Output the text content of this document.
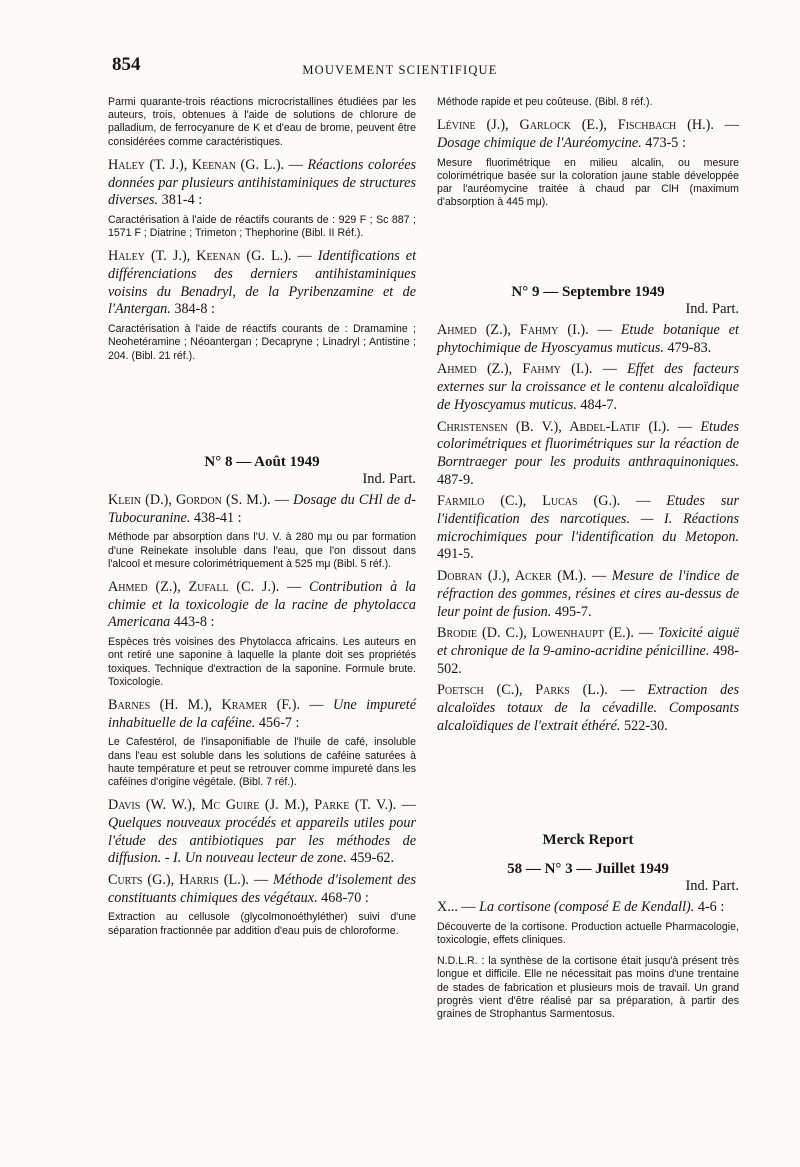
854	MOUVEMENT SCIENTIFIQUE

Parmi quarante-trois réactions microcristallines étudiées par les auteurs, trois, obtenues à l'aide de solutions de chlorure de palladium, de ferrocyanure de K et d'eau de brome, peuvent être considérées comme caractéristiques.

Haley (T. J.), Keenan (G. L.). — Réactions colorées données par plusieurs antihistaminiques de structures diverses. 381-4 :

Caractérisation à l'aide de réactifs courants de : 929 F ; Sc 887 ; 1571 F ; Diatrine ; Trimeton ; Thephorine (Bibl. II Réf.).

Haley (T. J.), Keenan (G. L.). — Identifications et différenciations des derniers antihistaminiques voisins du Benadryl, de la Pyribenzamine et de l'Antergan. 384-8 :

Caractérisation à l'aide de réactifs courants de : Dramamine ; Neohetéramine ; Néoantergan ; Decapryne ; Linadryl ; Antistine ; 204. (Bibl. 21 réf.).

N° 8 — Août 1949

Ind. Part.

Klein (D.), Gordon (S. M.). — Dosage du CHl de d-Tubocuranine. 438-41 :

Méthode par absorption dans l'U. V. à 280 mμ ou par formation d'une Reinekate insoluble dans l'eau, que l'on dissout dans l'alcool et mesure colorimétriquement à 525 mμ (Bibl. 5 réf.).

Ahmed (Z.), Zufall (C. J.). — Contribution à la chimie et la toxicologie de la racine de phytolacca Americana 443-8 :

Espèces très voisines des Phytolacca africains. Les auteurs en ont retiré une saponine à laquelle la plante doit ses propriétés toxiques. Technique d'extraction de la saponine. Formule brute. Toxicologie.

Barnes (H. M.), Kramer (F.). — Une impureté inhabituelle de la caféine. 456-7 :

Le Cafestérol, de l'insaponifiable de l'huile de café, insoluble dans l'eau est soluble dans les solutions de caféine saturées à haute température et peut se retrouver comme impureté dans les caféines d'origine végétale. (Bibl. 7 réf.).

Davis (W. W.), Mc Guire (J. M.), Parke (T. V.). — Quelques nouveaux procédés et appareils utiles pour l'étude des antibiotiques par les méthodes de diffusion. - I. Un nouveau lecteur de zone. 459-62.

Curts (G.), Harris (L.). — Méthode d'isolement des constituants chimiques des végétaux. 468-70 :

Extraction au cellusole (glycolmonoéthyléther) suivi d'une séparation fractionnée par addition d'eau puis de chloroforme.

Méthode rapide et peu coûteuse. (Bibl. 8 réf.).

Lévine (J.), Garlock (E.), Fischbach (H.). — Dosage chimique de l'Auréomycine. 473-5 :

Mesure fluorimétrique en milieu alcalin, ou mesure colorimétrique basée sur la coloration jaune stable développée par l'auréomycine traitée à chaud par ClH (maximum d'absorption à 445 mμ).

N° 9 — Septembre 1949

Ind. Part.

Ahmed (Z.), Fahmy (I.). — Etude botanique et phytochimique de Hyoscyamus muticus. 479-83.

Ahmed (Z.), Fahmy (I.). — Effet des facteurs externes sur la croissance et le contenu alcaloïdique de Hyoscyamus muticus. 484-7.

Christensen (B. V.), Abdel-Latif (I.). — Etudes colorimétriques et fluorimétriques sur la réaction de Borntraeger pour les produits anthraquinoniques. 487-9.

Farmilo (C.), Lucas (G.). — Etudes sur l'identification des narcotiques. — I. Réactions microchimiques pour l'identification du Metopon. 491-5.

Dobran (J.), Acker (M.). — Mesure de l'indice de réfraction des gommes, résines et cires au-dessus de leur point de fusion. 495-7.

Brodie (D. C.), Lowenhaupt (E.). — Toxicité aiguë et chronique de la 9-amino-acridine pénicilline. 498-502.

Poetsch (C.), Parks (L.). — Extraction des alcaloïdes totaux de la cévadille. Composants alcaloïdiques de l'extrait éthéré. 522-30.

Merck Report
58 — N° 3 — Juillet 1949

Ind. Part.

X... — La cortisone (composé E de Kendall). 4-6 :

Découverte de la cortisone. Production actuelle Pharmacologie, toxicologie, effets cliniques.

N.D.L.R. : la synthèse de la cortisone était jusqu'à présent très longue et difficile. Elle ne nécessitait pas moins d'une trentaine de stades de fabrication et plusieurs mois de travail. Un grand progrès vient d'être réalisé par sa préparation, à partir des graines de Strophantus Sarmentosus.
